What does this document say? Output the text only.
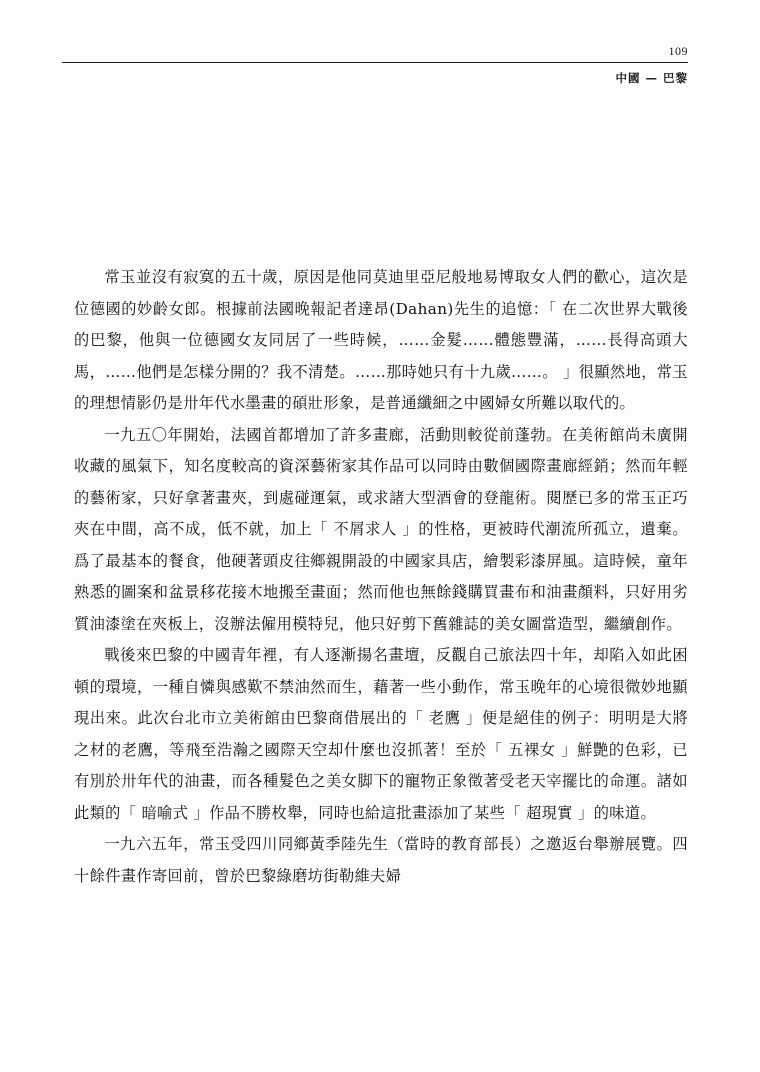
109
中國 — 巴黎

常玉並沒有寂寞的五十歲，原因是他同莫迪里亞尼般地易博取女人們的歡心，這次是位德國的妙齡女郎。根據前法國晚報記者達昂(Dahan)先生的追憶：「 在二次世界大戰後的巴黎，他與一位德國女友同居了一些時候，……金髮……體態豐滿，……長得高頭大馬，……他們是怎樣分開的？我不清楚。……那時她只有十九歲……。 」很顯然地，常玉的理想情影仍是卅年代水墨畫的碩壯形象，是普通纖細之中國婦女所難以取代的。

一九五〇年開始，法國首都增加了許多畫廊，活動則較從前蓬勃。在美術館尚未廣開收藏的風氣下，知名度較高的資深藝術家其作品可以同時由數個國際畫廊經銷；然而年輕的藝術家，只好拿著畫夾，到處碰運氣，或求諸大型酒會的登龍術。閱歷已多的常玉正巧夾在中間，高不成，低不就，加上「 不屑求人 」的性格，更被時代潮流所孤立，遺棄。爲了最基本的餐食，他硬著頭皮往鄉親開設的中國家具店，繪製彩漆屏風。這時候，童年熟悉的圖案和盆景移花接木地搬至畫面；然而他也無餘錢購買畫布和油畫顏料，只好用劣質油漆塗在夾板上，沒辦法僱用模特兒，他只好剪下舊雜誌的美女圖當造型，繼續創作。

戰後來巴黎的中國青年裡，有人逐漸揚名畫壇，反觀自己旅法四十年，却陷入如此困頓的環境，一種自憐與感歎不禁油然而生，藉著一些小動作，常玉晚年的心境很微妙地顯現出來。此次台北市立美術館由巴黎商借展出的「 老鷹 」便是絕佳的例子：明明是大將之材的老鷹，等飛至浩瀚之國際天空却什麼也沒抓著！至於「 五裸女 」鮮艷的色彩，已有別於卅年代的油畫，而各種髮色之美女脚下的寵物正象徵著受老天宰擺比的命運。諸如此類的「 暗喻式 」作品不勝枚舉，同時也給這批畫添加了某些「 超現實 」的味道。

一九六五年，常玉受四川同鄉黃季陸先生（當時的教育部長）之邀返台舉辦展覽。四十餘件畫作寄回前，曾於巴黎綠磨坊街勒維夫婦
